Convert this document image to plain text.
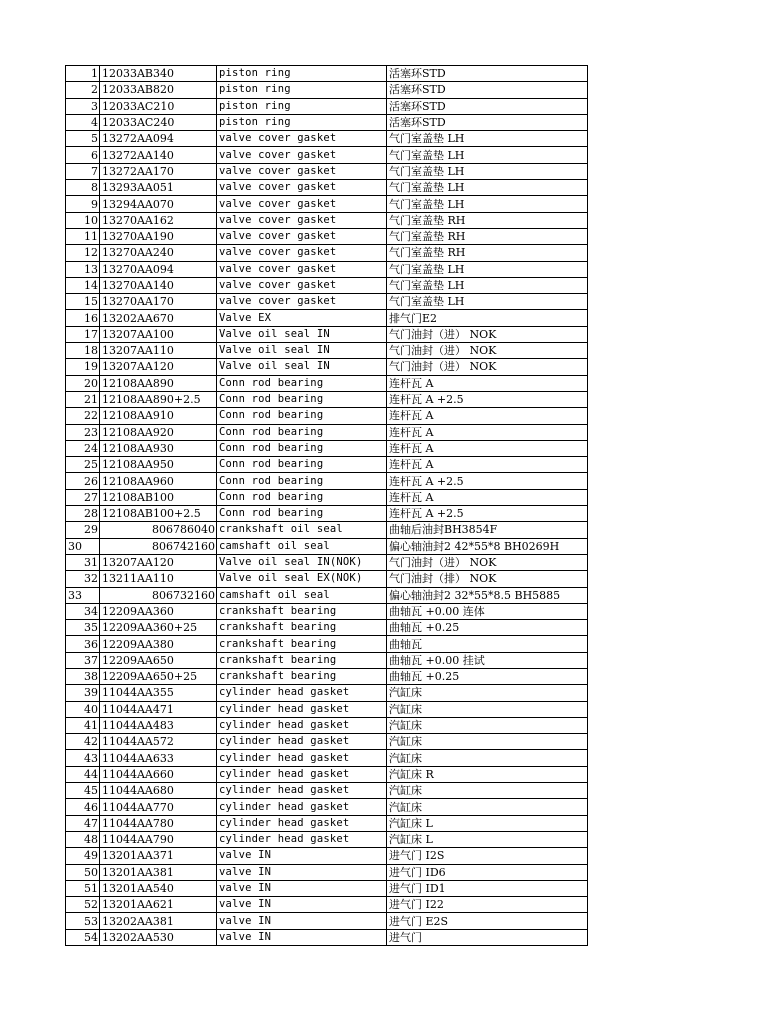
1	12033AB340	piston ring	活塞环STD
2	12033AB820	piston ring	活塞环STD
3	12033AC210	piston ring	活塞环STD
4	12033AC240	piston ring	活塞环STD
5	13272AA094	valve cover gasket	气门室盖垫 LH
6	13272AA140	valve cover gasket	气门室盖垫 LH
7	13272AA170	valve cover gasket	气门室盖垫 LH
8	13293AA051	valve cover gasket	气门室盖垫 LH
9	13294AA070	valve cover gasket	气门室盖垫 LH
10	13270AA162	valve cover gasket	气门室盖垫 RH
11	13270AA190	valve cover gasket	气门室盖垫 RH
12	13270AA240	valve cover gasket	气门室盖垫 RH
13	13270AA094	valve cover gasket	气门室盖垫 LH
14	13270AA140	valve cover gasket	气门室盖垫 LH
15	13270AA170	valve cover gasket	气门室盖垫 LH
16	13202AA670	Valve EX	排气门E2
17	13207AA100	Valve oil seal IN	气门油封（进） NOK
18	13207AA110	Valve oil seal IN	气门油封（进） NOK
19	13207AA120	Valve oil seal IN	气门油封（进） NOK
20	12108AA890	Conn rod bearing	连杆瓦 A
21	12108AA890+2.5	Conn rod bearing	连杆瓦 A +2.5
22	12108AA910	Conn rod bearing	连杆瓦 A
23	12108AA920	Conn rod bearing	连杆瓦 A
24	12108AA930	Conn rod bearing	连杆瓦 A
25	12108AA950	Conn rod bearing	连杆瓦 A
26	12108AA960	Conn rod bearing	连杆瓦 A +2.5
27	12108AB100	Conn rod bearing	连杆瓦 A
28	12108AB100+2.5	Conn rod bearing	连杆瓦 A +2.5
29	806786040	crankshaft oil seal	曲轴后油封BH3854F
30	806742160	camshaft oil seal	偏心轴油封2 42*55*8 BH0269H
31	13207AA120	Valve oil seal IN(NOK)	气门油封（进） NOK
32	13211AA110	Valve oil seal EX(NOK)	气门油封（排） NOK
33	806732160	camshaft oil seal	偏心轴油封2 32*55*8.5 BH5885
34	12209AA360	crankshaft bearing	曲轴瓦 +0.00 连体
35	12209AA360+25	crankshaft bearing	曲轴瓦 +0.25
36	12209AA380	crankshaft bearing	曲轴瓦
37	12209AA650	crankshaft bearing	曲轴瓦 +0.00 挂试
38	12209AA650+25	crankshaft bearing	曲轴瓦 +0.25
39	11044AA355	cylinder head gasket	汽缸床
40	11044AA471	cylinder head gasket	汽缸床
41	11044AA483	cylinder head gasket	汽缸床
42	11044AA572	cylinder head gasket	汽缸床
43	11044AA633	cylinder head gasket	汽缸床
44	11044AA660	cylinder head gasket	汽缸床 R
45	11044AA680	cylinder head gasket	汽缸床
46	11044AA770	cylinder head gasket	汽缸床
47	11044AA780	cylinder head gasket	汽缸床 L
48	11044AA790	cylinder head gasket	汽缸床 L
49	13201AA371	valve IN	进气门 I2S
50	13201AA381	valve IN	进气门 ID6
51	13201AA540	valve IN	进气门 ID1
52	13201AA621	valve IN	进气门 I22
53	13202AA381	valve IN	进气门 E2S
54	13202AA530	valve IN	进气门
